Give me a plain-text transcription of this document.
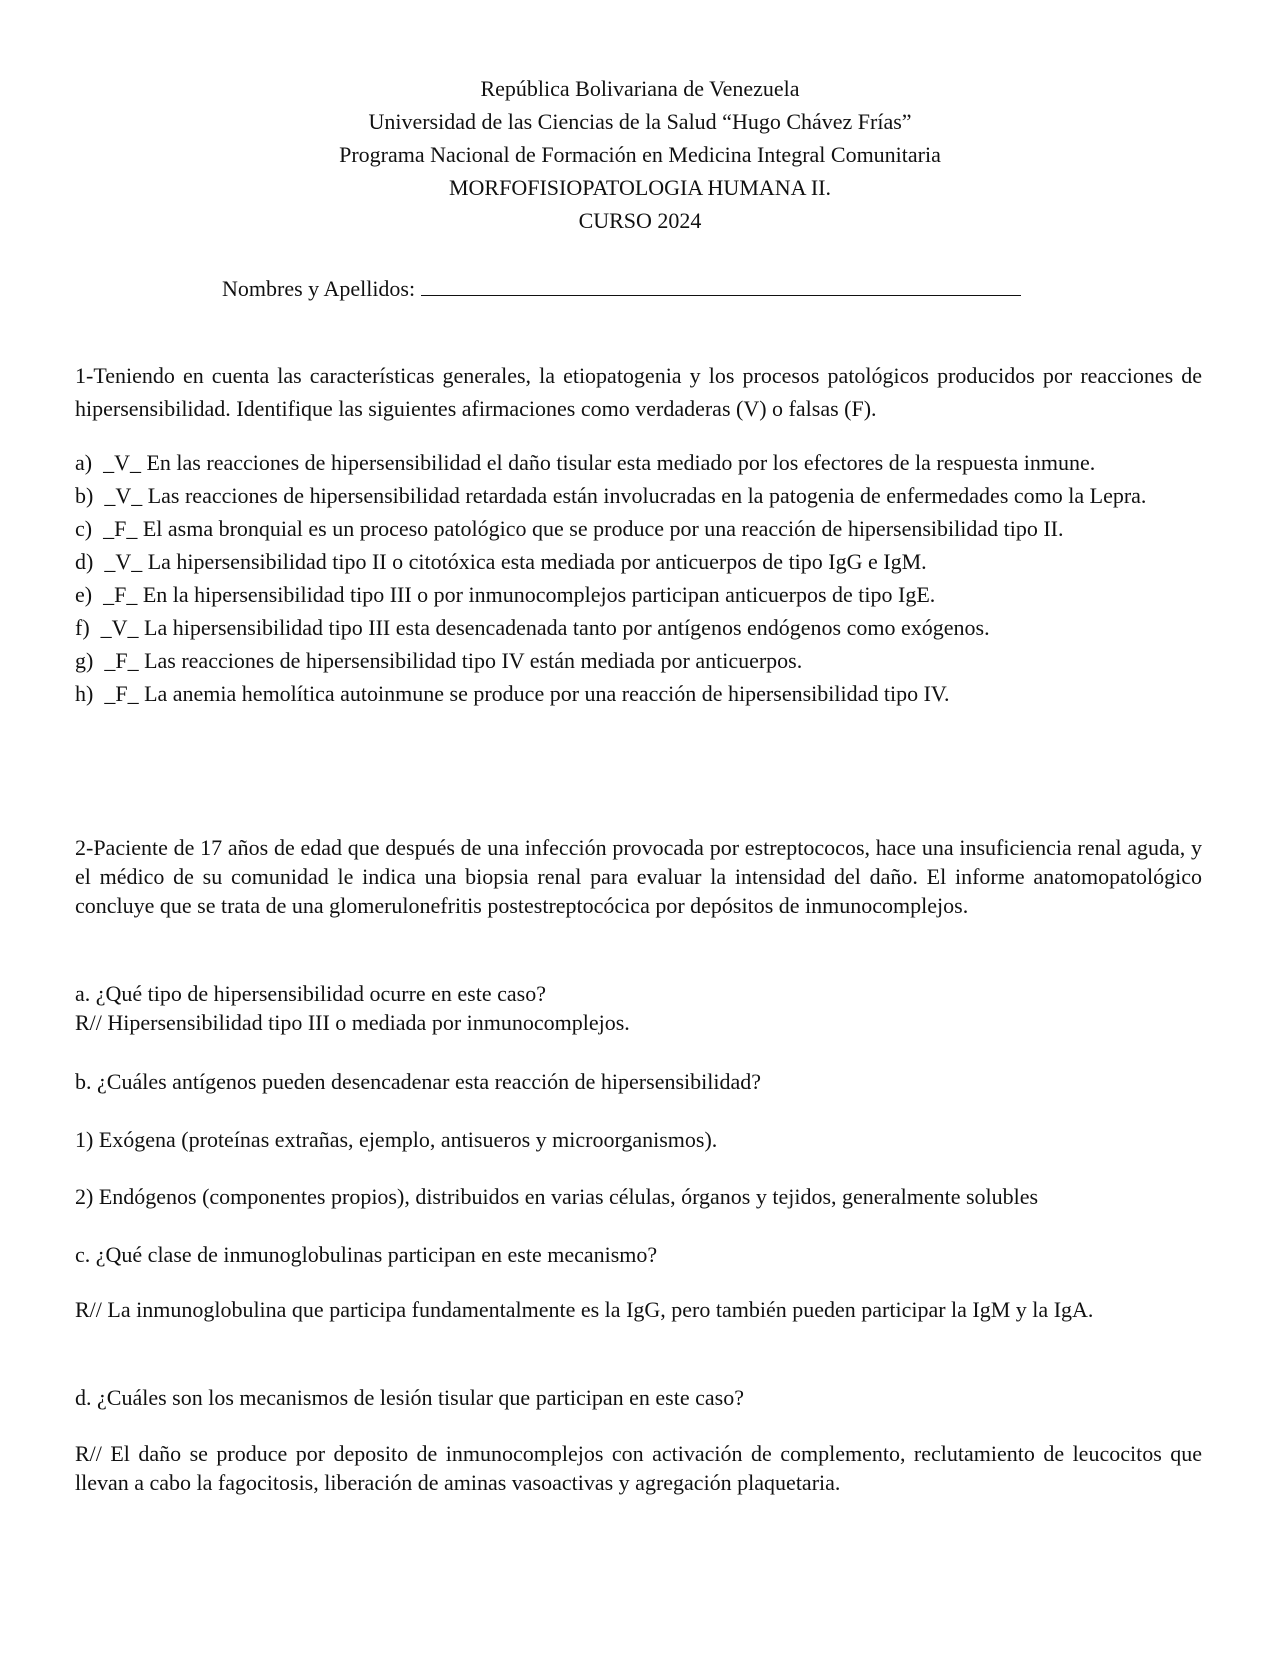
República Bolivariana de Venezuela
Universidad de las Ciencias de la Salud “Hugo Chávez Frías”
Programa Nacional de Formación en Medicina Integral Comunitaria
MORFOFISIOPATOLOGIA HUMANA II.
CURSO 2024
Nombres y Apellidos:

1-Teniendo en cuenta las características generales, la etiopatogenia y los procesos patológicos producidos por reacciones de hipersensibilidad. Identifique las siguientes afirmaciones como verdaderas (V) o falsas (F).

a) _V_ En las reacciones de hipersensibilidad el daño tisular esta mediado por los efectores de la respuesta inmune.

b) _V_ Las reacciones de hipersensibilidad retardada están involucradas en la patogenia de enfermedades como la Lepra.

c) _F_ El asma bronquial es un proceso patológico que se produce por una reacción de hipersensibilidad tipo II.

d) _V_ La hipersensibilidad tipo II o citotóxica esta mediada por anticuerpos de tipo IgG e IgM.

e) _F_ En la hipersensibilidad tipo III o por inmunocomplejos participan anticuerpos de tipo IgE.

f) _V_ La hipersensibilidad tipo III esta desencadenada tanto por antígenos endógenos como exógenos.

g) _F_ Las reacciones de hipersensibilidad tipo IV están mediada por anticuerpos.

h) _F_ La anemia hemolítica autoinmune se produce por una reacción de hipersensibilidad tipo IV.

2-Paciente de 17 años de edad que después de una infección provocada por estreptococos, hace una insuficiencia renal aguda, y el médico de su comunidad le indica una biopsia renal para evaluar la intensidad del daño. El informe anatomopatológico concluye que se trata de una glomerulonefritis postestreptocócica por depósitos de inmunocomplejos.

a. ¿Qué tipo de hipersensibilidad ocurre en este caso?

R// Hipersensibilidad tipo III o mediada por inmunocomplejos.

b. ¿Cuáles antígenos pueden desencadenar esta reacción de hipersensibilidad?

1) Exógena (proteínas extrañas, ejemplo, antisueros y microorganismos).

2) Endógenos (componentes propios), distribuidos en varias células, órganos y tejidos, generalmente solubles

c. ¿Qué clase de inmunoglobulinas participan en este mecanismo?

R// La inmunoglobulina que participa fundamentalmente es la IgG, pero también pueden participar la IgM y la IgA.

d. ¿Cuáles son los mecanismos de lesión tisular que participan en este caso?

R// El daño se produce por deposito de inmunocomplejos con activación de complemento, reclutamiento de leucocitos que llevan a cabo la fagocitosis, liberación de aminas vasoactivas y agregación plaquetaria.
